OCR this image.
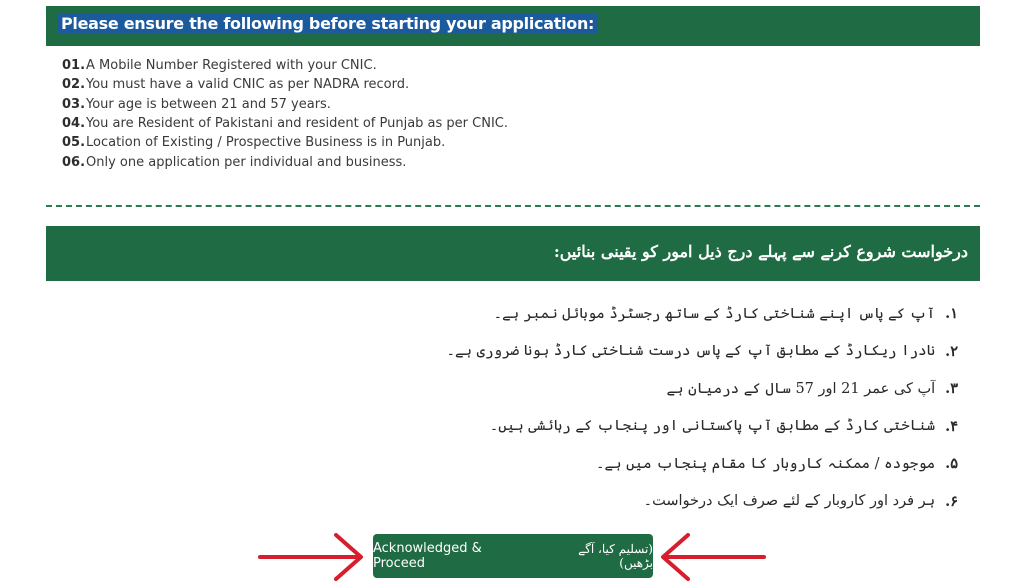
Please ensure the following before starting your application:
01. A Mobile Number Registered with your CNIC.
02. You must have a valid CNIC as per NADRA record.
03. Your age is between 21 and 57 years.
04. You are Resident of Pakistani and resident of Punjab as per CNIC.
05. Location of Existing / Prospective Business is in Punjab.
06. Only one application per individual and business.
درخواست شروع کرنے سے پہلے درج ذیل امور کو یقینی بنائیں:
۱.
آپ کے پاس اپنے شناختی کارڈ کے ساتھ رجسٹرڈ موبائل نمبر ہے۔
۲.
نادرا ریکارڈ کے مطابق آپ کے پاس درست شناختی کارڈ ہونا ضروری ہے۔
۳.
آپ کی عمر 21 اور 57 سال کے درمیان ہے
۴.
شناختی کارڈ کے مطابق آپ پاکستانی اور پنجاب کے رہائشی ہیں۔
۵.
موجودہ / ممکنہ کاروبار کا مقام پنجاب میں ہے۔
۶.
ہر فرد اور کاروبار کے لئے صرف ایک درخواست۔
Acknowledged & Proceed
(تسلیم کیا، آگے بڑھیں)
